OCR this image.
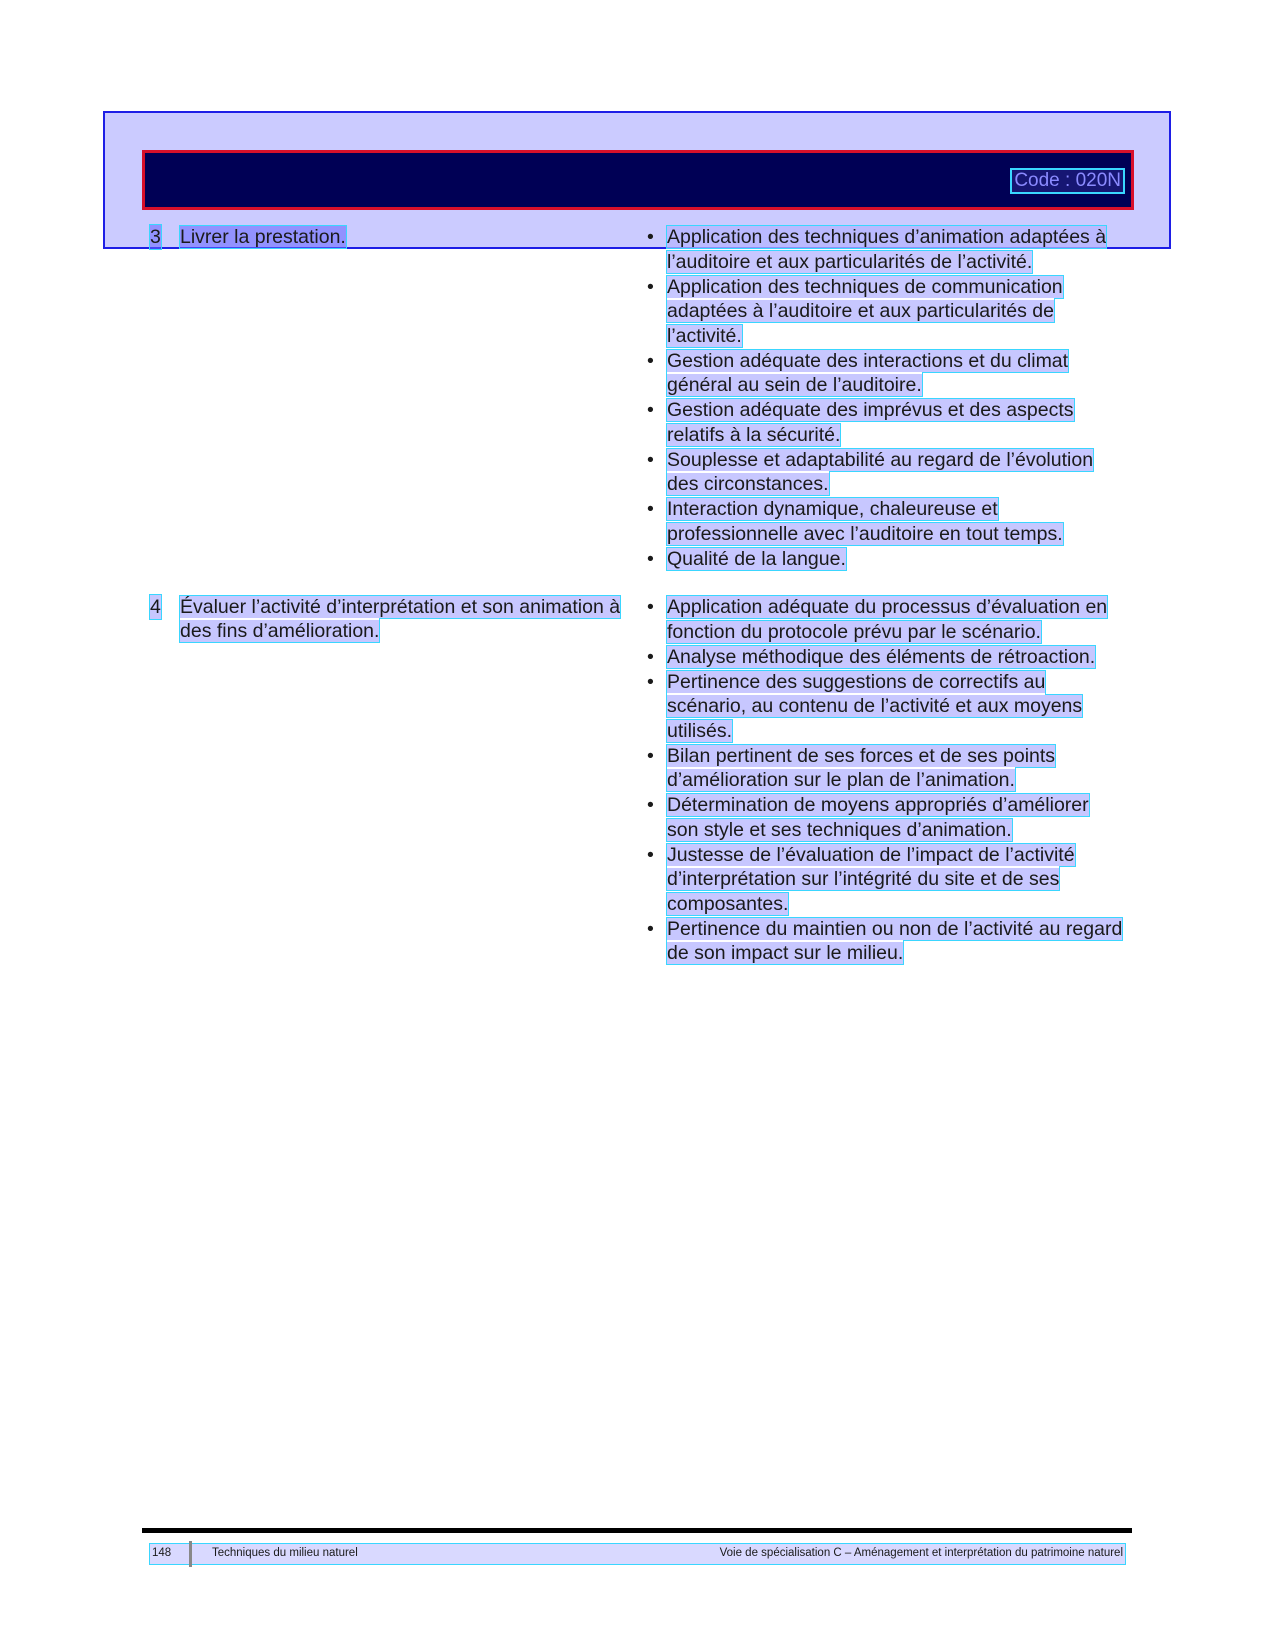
Code : 020N
3 Livrer la prestation.	• Application des techniques d’animation adaptées à l’auditoire et aux particularités de l’activité.
• Application des techniques de communication adaptées à l’auditoire et aux particularités de l’activité.
• Gestion adéquate des interactions et du climat général au sein de l’auditoire.
• Gestion adéquate des imprévus et des aspects relatifs à la sécurité.
• Souplesse et adaptabilité au regard de l’évolution des circonstances.
• Interaction dynamique, chaleureuse et professionnelle avec l’auditoire en tout temps.
• Qualité de la langue.
4 Évaluer l’activité d’interprétation et son animation à des fins d’amélioration.
• Application adéquate du processus d’évaluation en fonction du protocole prévu par le scénario.
• Analyse méthodique des éléments de rétroaction.
• Pertinence des suggestions de correctifs au scénario, au contenu de l’activité et aux moyens utilisés.
• Bilan pertinent de ses forces et de ses points d’amélioration sur le plan de l’animation.
• Détermination de moyens appropriés d’améliorer son style et ses techniques d’animation.
• Justesse de l’évaluation de l’impact de l’activité d’interprétation sur l’intégrité du site et de ses composantes.
• Pertinence du maintien ou non de l’activité au regard de son impact sur le milieu.
148	Techniques du milieu naturel	Voie de spécialisation C – Aménagement et interprétation du patrimoine naturel
